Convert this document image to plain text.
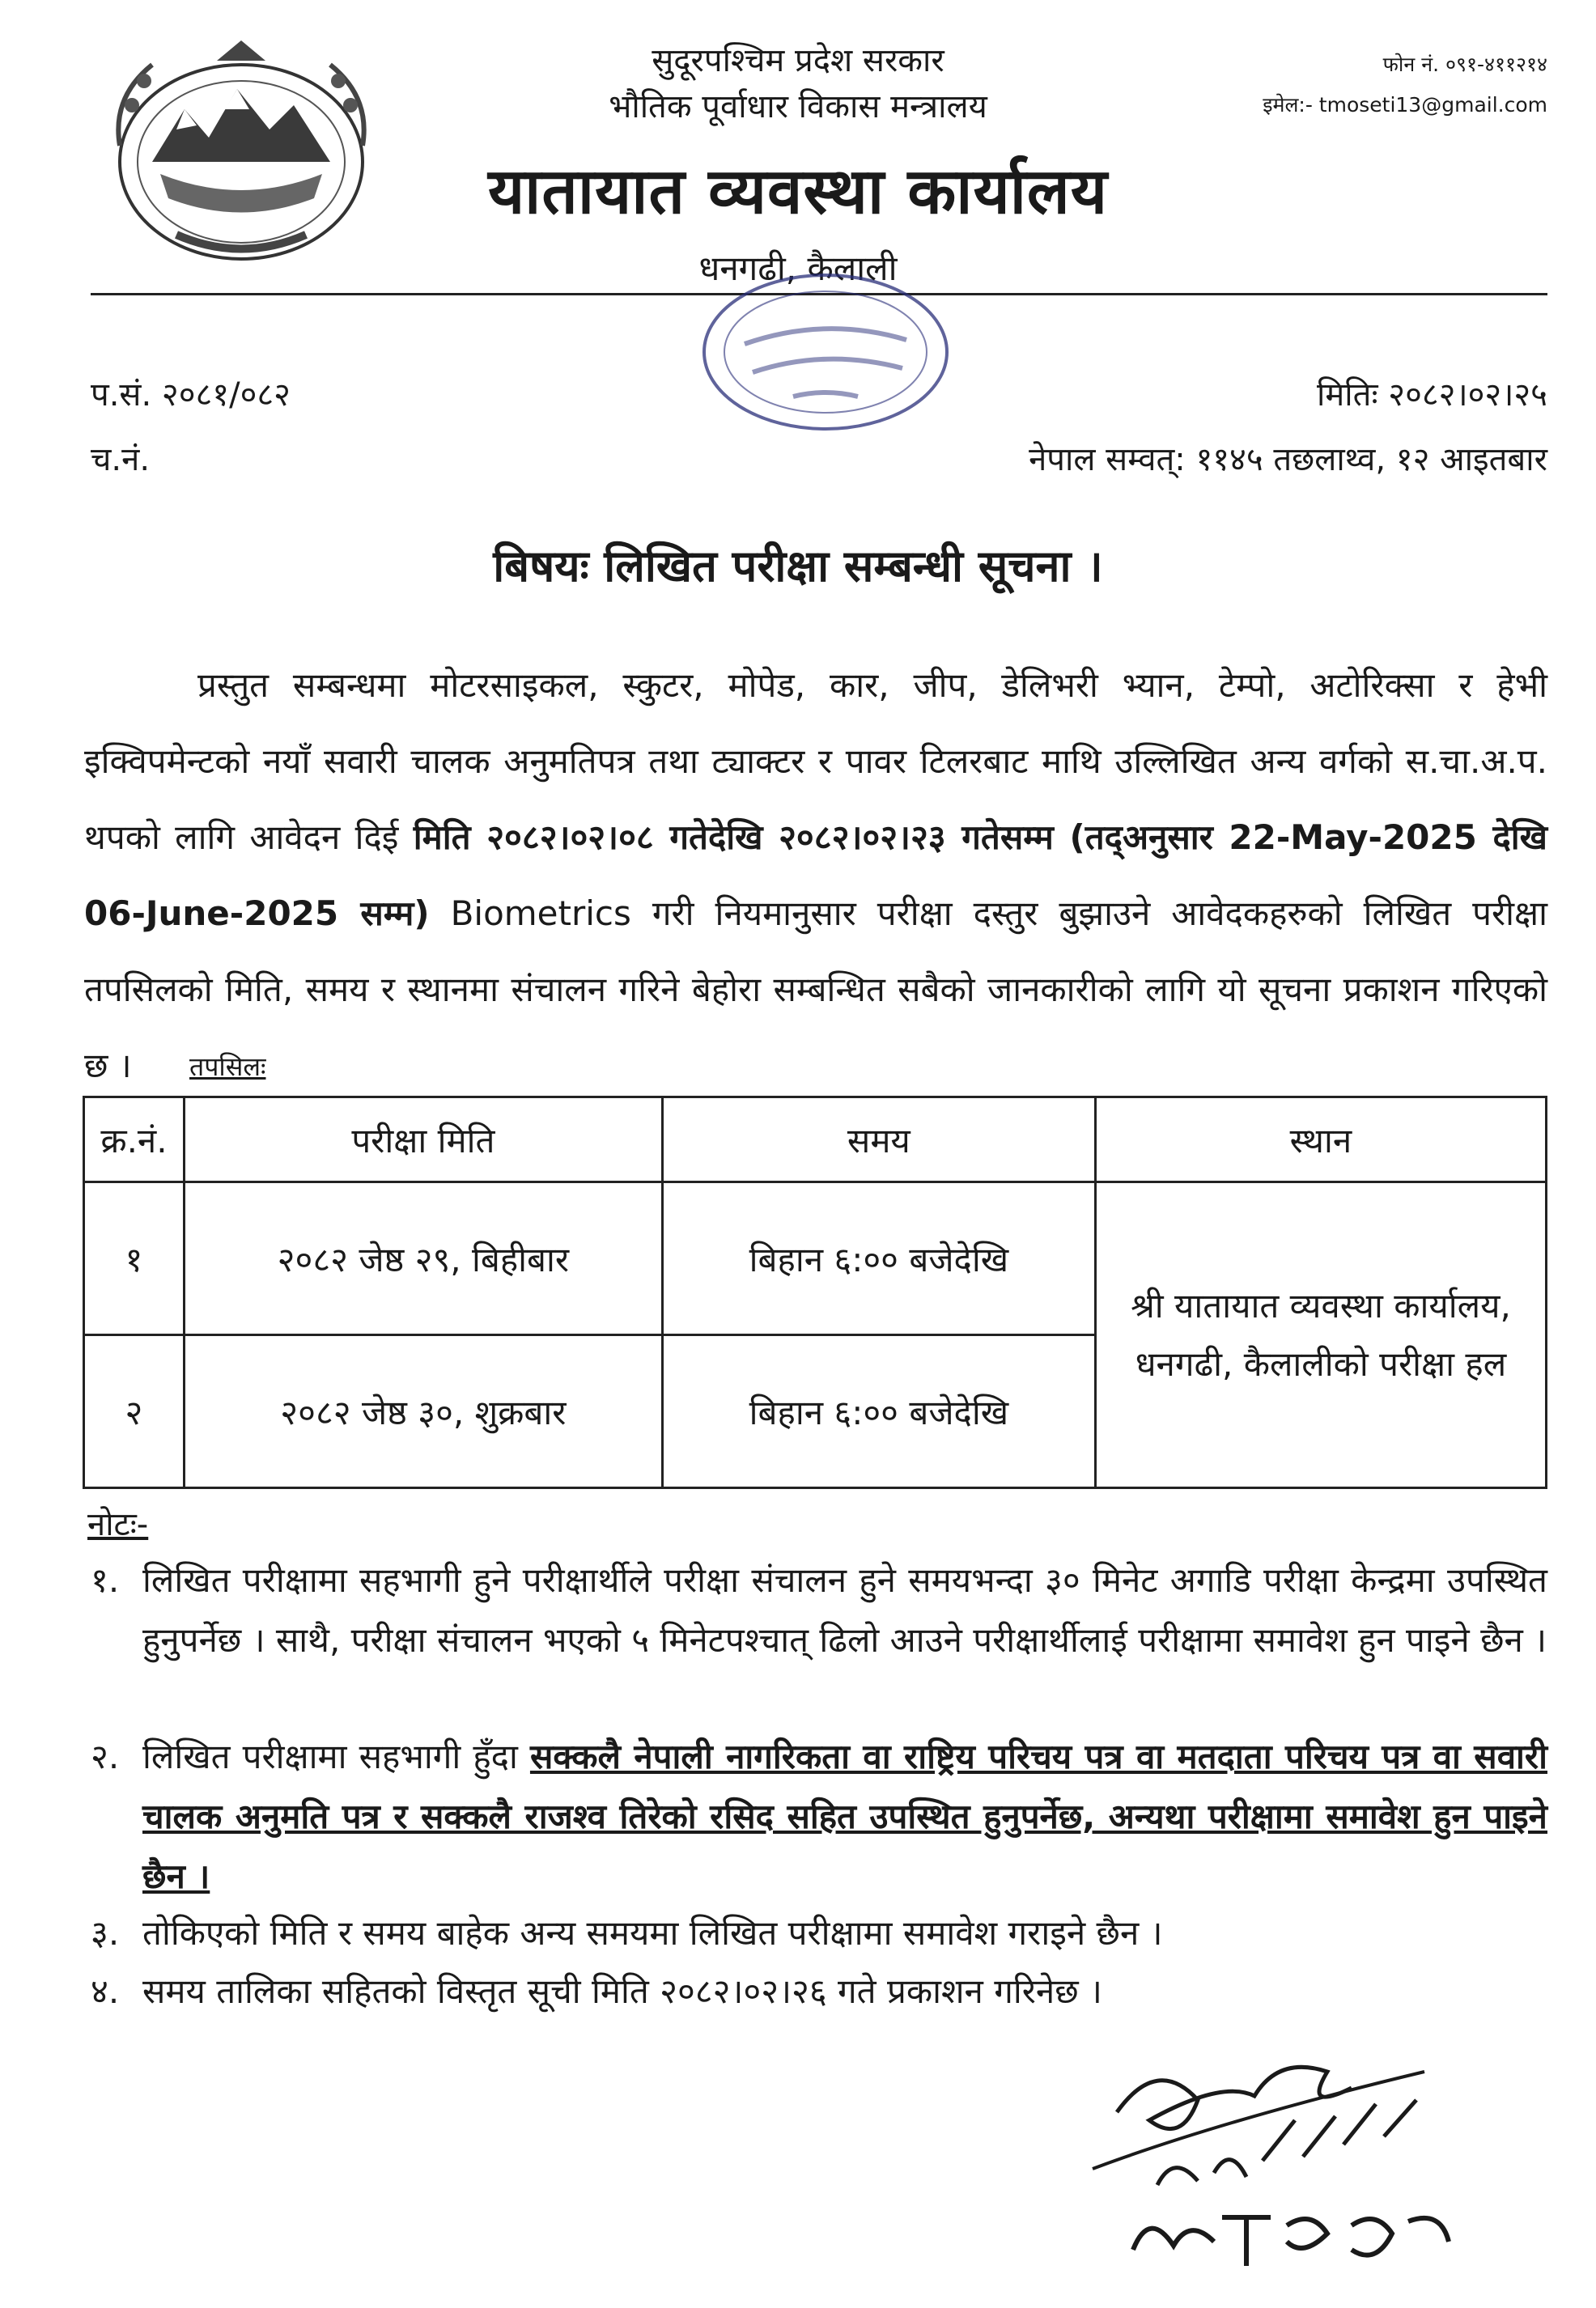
सुदूरपश्चिम प्रदेश सरकार
भौतिक पूर्वाधार विकास मन्त्रालय
यातायात व्यवस्था कार्यालय
धनगढी, कैलाली
फोन नं. ०९१-४११२१४
इमेल:- tmoseti13@gmail.com
प.सं. २०८१/०८२
च.नं.
मितिः २०८२।०२।२५
नेपाल सम्वत्: ११४५ तछलाथ्व, १२ आइतबार
बिषयः लिखित परीक्षा सम्बन्धी सूचना ।
प्रस्तुत सम्बन्धमा मोटरसाइकल, स्कुटर, मोपेड, कार, जीप, डेलिभरी भ्यान, टेम्पो, अटोरिक्सा र हेभी इक्विपमेन्टको नयाँ सवारी चालक अनुमतिपत्र तथा ट्याक्टर र पावर टिलरबाट माथि उल्लिखित अन्य वर्गको स.चा.अ.प. थपको लागि आवेदन दिई मिति २०८२।०२।०८ गतेदेखि २०८२।०२।२३ गतेसम्म (तद्अनुसार 22-May-2025 देखि 06-June-2025 सम्म) Biometrics गरी नियमानुसार परीक्षा दस्तुर बुझाउने आवेदकहरुको लिखित परीक्षा तपसिलको मिति, समय र स्थानमा संचालन गरिने बेहोरा सम्बन्धित सबैको जानकारीको लागि यो सूचना प्रकाशन गरिएको छ ।	तपसिलः
क्र.नं.	परीक्षा मिति	समय	स्थान
१	२०८२ जेष्ठ २९, बिहीबार	बिहान ६:०० बजेदेखि	श्री यातायात व्यवस्था कार्यालय, धनगढी, कैलालीको परीक्षा हल
२	२०८२ जेष्ठ ३०, शुक्रबार	बिहान ६:०० बजेदेखि	
नोटः-
१. लिखित परीक्षामा सहभागी हुने परीक्षार्थीले परीक्षा संचालन हुने समयभन्दा ३० मिनेट अगाडि परीक्षा केन्द्रमा उपस्थित हुनुपर्नेछ । साथै, परीक्षा संचालन भएको ५ मिनेटपश्चात् ढिलो आउने परीक्षार्थीलाई परीक्षामा समावेश हुन पाइने छैन ।
२. लिखित परीक्षामा सहभागी हुँदा सक्कलै नेपाली नागरिकता वा राष्ट्रिय परिचय पत्र वा मतदाता परिचय पत्र वा सवारी चालक अनुमति पत्र र सक्कलै राजश्व तिरेको रसिद सहित उपस्थित हुनुपर्नेछ, अन्यथा परीक्षामा समावेश हुन पाइने छैन ।
३. तोकिएको मिति र समय बाहेक अन्य समयमा लिखित परीक्षामा समावेश गराइने छैन ।
४. समय तालिका सहितको विस्तृत सूची मिति २०८२।०२।२६ गते प्रकाशन गरिनेछ ।
